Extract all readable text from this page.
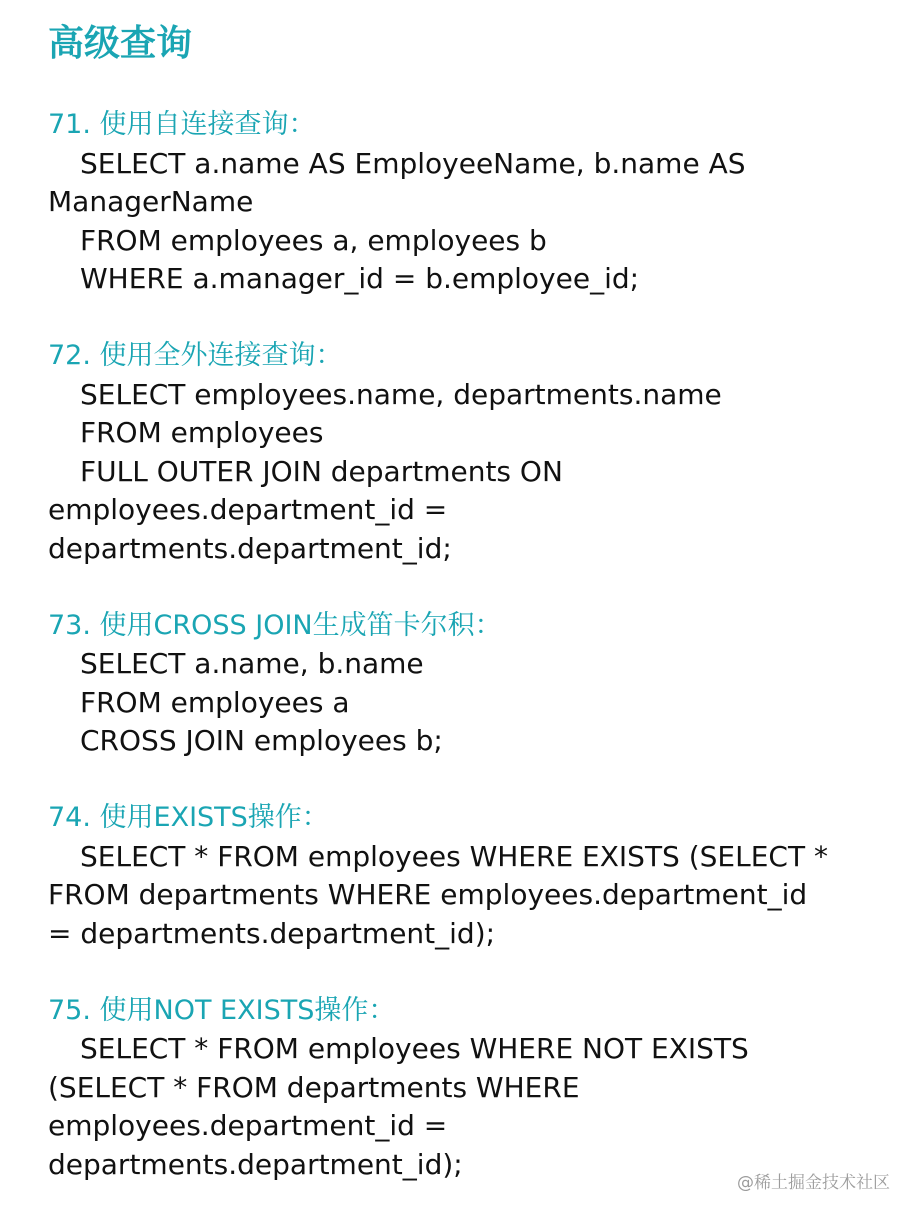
高级查询
71. 使用自连接查询：
SELECT a.name AS EmployeeName, b.name AS
ManagerName
FROM employees a, employees b
WHERE a.manager_id = b.employee_id;
72. 使用全外连接查询：
SELECT employees.name, departments.name
FROM employees
FULL OUTER JOIN departments ON
employees.department_id =
departments.department_id;
73. 使用CROSS JOIN生成笛卡尔积：
SELECT a.name, b.name
FROM employees a
CROSS JOIN employees b;
74. 使用EXISTS操作：
SELECT * FROM employees WHERE EXISTS (SELECT *
FROM departments WHERE employees.department_id
= departments.department_id);
75. 使用NOT EXISTS操作：
SELECT * FROM employees WHERE NOT EXISTS
(SELECT * FROM departments WHERE
employees.department_id =
departments.department_id);
@稀土掘金技术社区
